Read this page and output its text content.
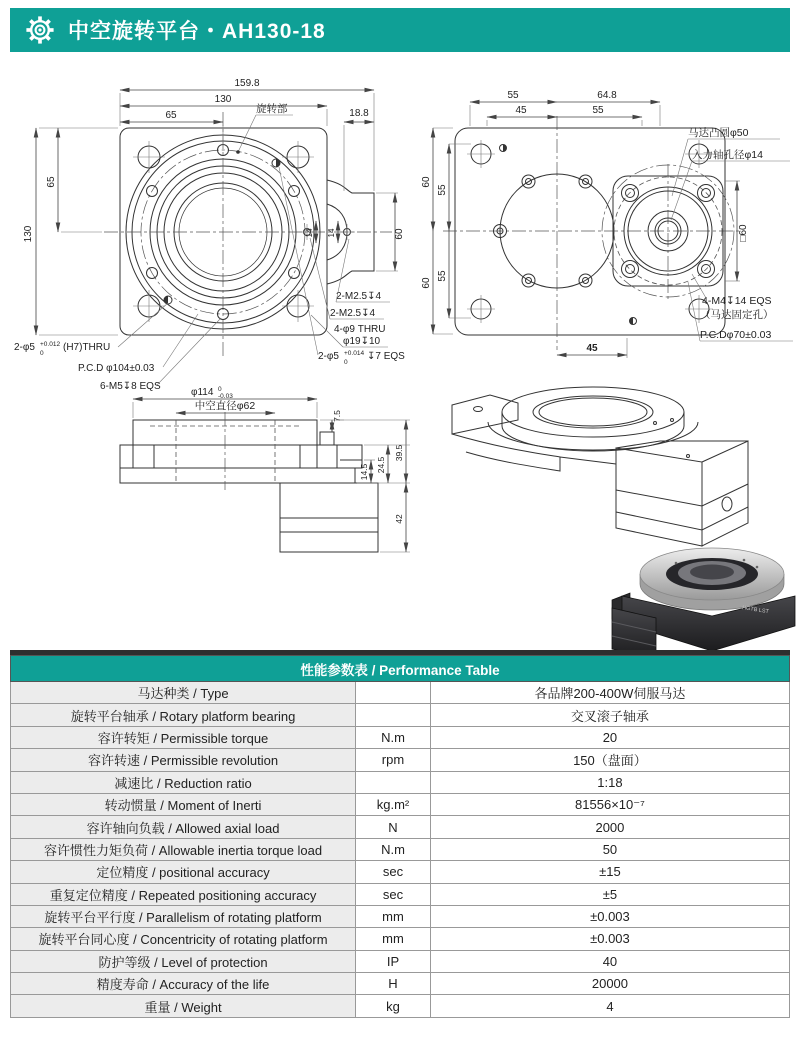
中空旋转平台・AH130-18
159.8
130
65	18.8
65
130	60
14 14
旋转部
2-φ5 +0.012
0
(H7)THRU
P.C.D φ104±0.03
6-M5↧8 EQS
2-M2.5↧4
2-M2.5↧4
4-φ9 THRU
φ19↧10
2-φ5 +0.014
0
↧7 EQS
□60
55	64.8
45	55
60
55
60
55
45
马达凸圆φ50
入力轴孔径φ14
4-M4↧14 EQS
（马达固定孔）
P.C.Dφ70±0.03
φ114 0
-0.03
中空直径φ62
7.5
14.5 24.5
39.5
42
HGTB LST
性能参数表 / Performance Table		
马达种类 / Type		各品牌200-400W伺服马达
旋转平台轴承 / Rotary platform bearing		交叉滚子轴承
容许转矩 / Permissible torque	N.m	20
容许转速 / Permissible revolution	rpm	150（盘面）
减速比 / Reduction ratio		1:18
转动惯量 / Moment of Inerti	kg.m²	81556×10⁻⁷
容许轴向负载 / Allowed axial load	N	2000
容许惯性力矩负荷 / Allowable inertia torque load	N.m	50
定位精度 / positional accuracy	sec	±15
重复定位精度 / Repeated positioning accuracy	sec	±5
旋转平台平行度 / Parallelism of rotating platform	mm	±0.003
旋转平台同心度 / Concentricity of rotating platform	mm	±0.003
防护等级 / Level of protection	IP	40
精度寿命 / Accuracy of the life	H	20000
重量 / Weight	kg	4
